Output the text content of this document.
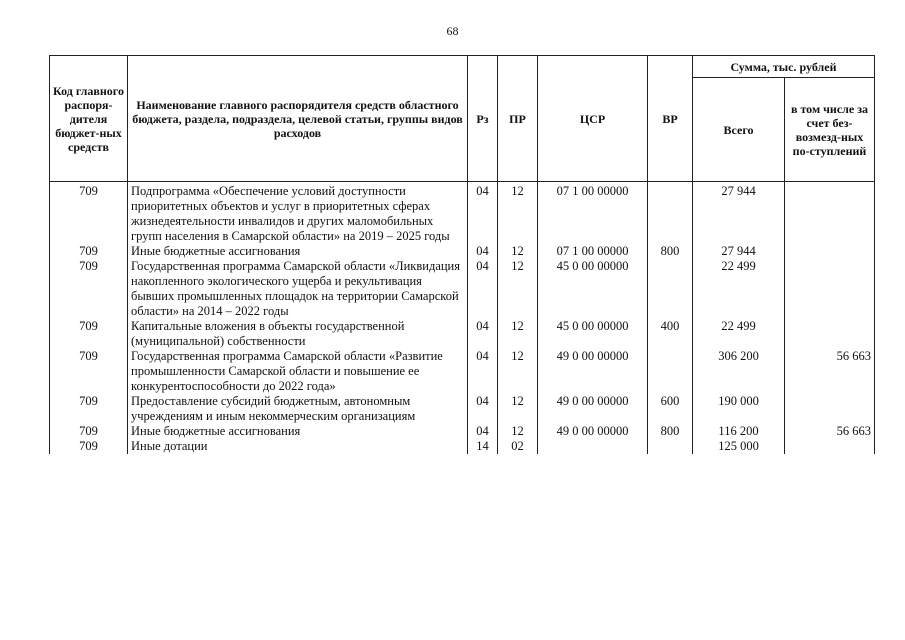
68
Код главного распоря-дителя бюджет-ных средств	Наименование главного распорядителя средств областного бюджета, раздела, подраздела, целевой статьи, группы видов расходов	Рз	ПР	ЦСР	ВР	Сумма, тыс. рублей	
						Всего	в том числе за счет без-возмезд-ных по-ступлений
709	Подпрограмма «Обеспечение условий доступности приоритетных объектов и услуг в приоритетных сферах жизнедеятельности инвалидов и других маломобильных групп населения в Самарской области» на 2019 – 2025 годы	04	12	07 1 00 00000		27 944	
709	Иные бюджетные ассигнования	04	12	07 1 00 00000	800	27 944	
709	Государственная программа Самарской области «Ликвидация накопленного экологического ущерба и рекультивация бывших промышленных площадок на территории Самарской области» на 2014 – 2022 годы	04	12	45 0 00 00000		22 499	
709	Капитальные вложения в объекты государственной (муниципальной) собственности	04	12	45 0 00 00000	400	22 499	
709	Государственная программа Самарской области «Развитие промышленности Самарской области и повышение ее конкурентоспособности до 2022 года»	04	12	49 0 00 00000		306 200	56 663
709	Предоставление субсидий бюджетным, автономным учреждениям и иным некоммерческим организациям	04	12	49 0 00 00000	600	190 000	
709	Иные бюджетные ассигнования	04	12	49 0 00 00000	800	116 200	56 663
709	Иные дотации	14	02			125 000	
